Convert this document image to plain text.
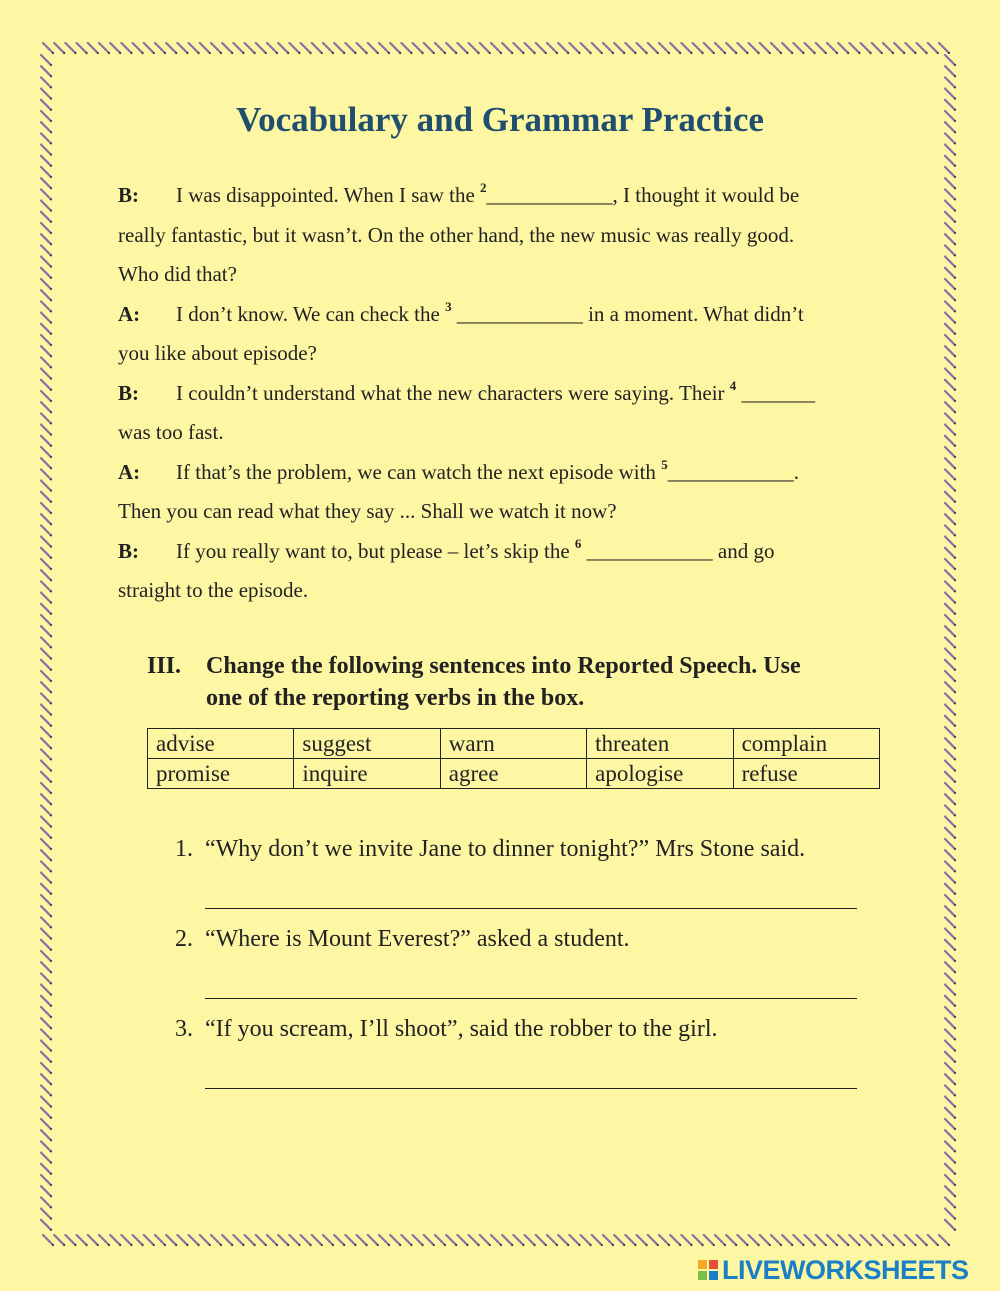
Vocabulary and Grammar Practice
B: I was disappointed. When I saw the $^2$____________, I thought it would be
really fantastic, but it wasn’t. On the other hand, the new music was really good.
Who did that?
A: I don’t know. We can check the $^3$ ____________ in a moment. What didn’t
you like about episode?
B: I couldn’t understand what the new characters were saying. Their $^4$ _______
was too fast.
A: If that’s the problem, we can watch the next episode with $^5$____________.
Then you can read what they say ... Shall we watch it now?
B: If you really want to, but please – let’s skip the $^6$ ____________ and go
straight to the episode.
III. Change the following sentences into Reported Speech. Use
one of the reporting verbs in the box.
advise	suggest	warn	threaten	complain
promise	inquire	agree	apologise	refuse
1. “Why don’t we invite Jane to dinner tonight?” Mrs Stone said.
2. “Where is Mount Everest?” asked a student.
3. “If you scream, I’ll shoot”, said the robber to the girl.
LIVEWORKSHEETS
